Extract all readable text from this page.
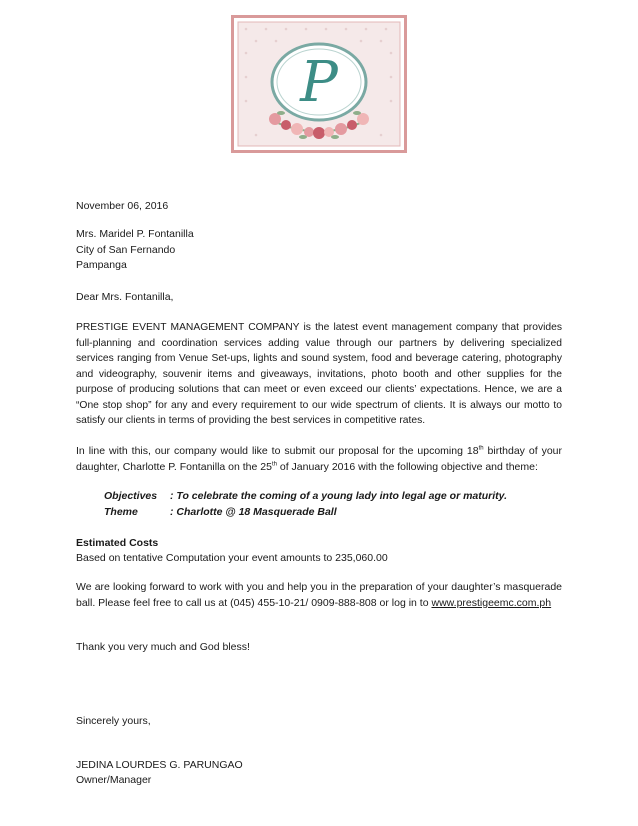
P

November 06, 2016

Mrs. Maridel P. Fontanilla

City of San Fernando

Pampanga

Dear Mrs. Fontanilla,

PRESTIGE EVENT MANAGEMENT COMPANY is the latest event management company that provides full-planning and coordination services adding value through our partners by delivering specialized services ranging from Venue Set-ups, lights and sound system, food and beverage catering, photography and videography, souvenir items and giveaways, invitations, photo booth and other supplies for the purpose of producing solutions that can meet or even exceed our clients’ expectations. Hence, we are a “One stop shop” for any and every requirement to our wide spectrum of clients. It is always our motto to satisfy our clients in terms of providing the best services in competitive rates.

In line with this, our company would like to submit our proposal for the upcoming 18th birthday of your daughter, Charlotte P. Fontanilla on the 25th of January 2016 with the following objective and theme:

Objectives : To celebrate the coming of a young lady into legal age or maturity.
Theme	: Charlotte @ 18 Masquerade Ball

Estimated Costs

Based on tentative Computation your event amounts to 235,060.00

We are looking forward to work with you and help you in the preparation of your daughter’s masquerade ball. Please feel free to call us at (045) 455-10-21/ 0909-888-808 or log in to www.prestigeemc.com.ph

Thank you very much and God bless!

Sincerely yours,

JEDINA LOURDES G. PARUNGAO

Owner/Manager
